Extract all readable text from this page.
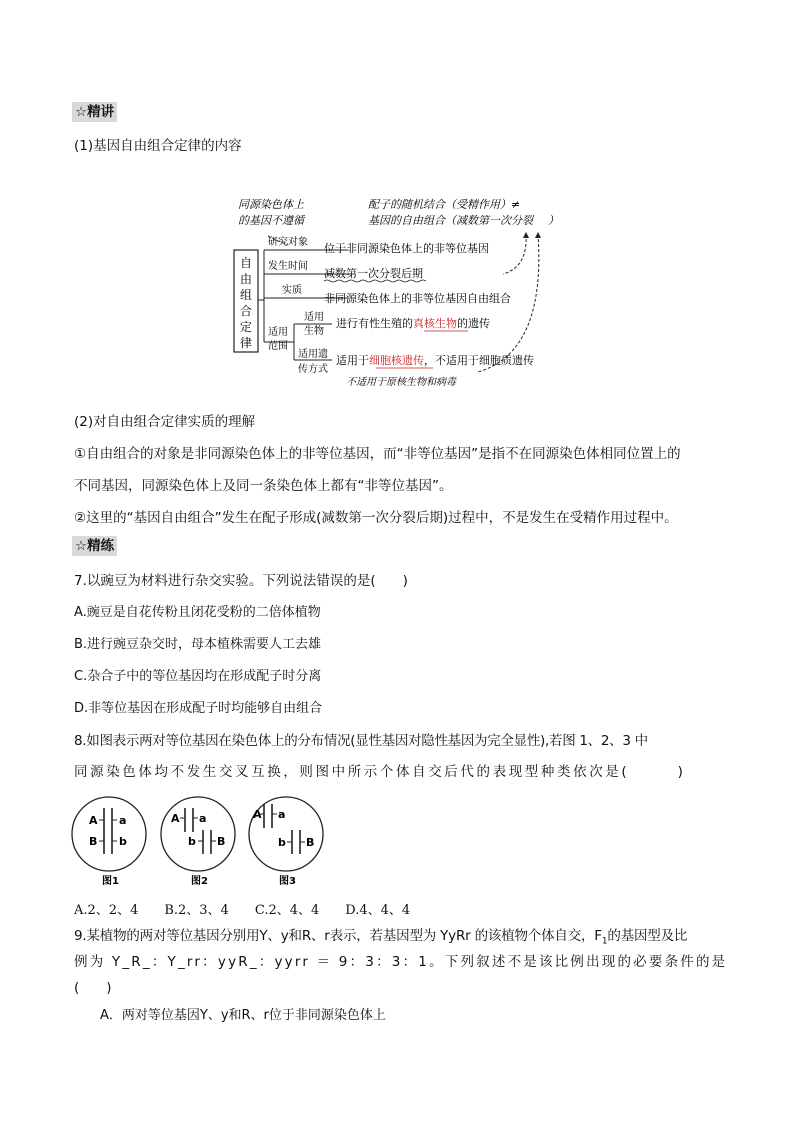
☆精讲
(1)基因自由组合定律的内容
同源染色体上
的基因不遵循
配子的随机结合（受精作用）≠
基因的自由组合（减数第一次分裂 ）
自
由
组
合
定
律
研究对象
发生时间
实质
适用
范围
位于非同源染色体上的非等位基因
减数第一次分裂后期
非同源染色体上的非等位基因自由组合
适用
生物
适用遗
传方式
进行有性生殖的真核生物的遗传
适用于细胞核遗传，不适用于细胞质遗传
不适用于原核生物和病毒
(2)对自由组合定律实质的理解
①自由组合的对象是非同源染色体上的非等位基因，而“非等位基因”是指不在同源染色体相同位置上的
不同基因，同源染色体上及同一条染色体上都有“非等位基因”。
②这里的“基因自由组合”发生在配子形成(减数第一次分裂后期)过程中，不是发生在受精作用过程中。
☆精练
7.以豌豆为材料进行杂交实验。下列说法错误的是(　　)
A.豌豆是自花传粉且闭花受粉的二倍体植物
B.进行豌豆杂交时，母本植株需要人工去雄
C.杂合子中的等位基因均在形成配子时分离
D.非等位基因在形成配子时均能够自由组合
8.如图表示两对等位基因在染色体上的分布情况(显性基因对隐性基因为完全显性),若图 1、2、3 中
同源染色体均不发生交叉互换，则图中所示个体自交后代的表现型种类依次是(　　　)
A a
B b
图1
A a
b B
图2
A a
b B
图3
A.2、2、4　　B.2、3、4　　C.2、4、4　　D.4、4、4
9.某植物的两对等位基因分别用Y、y和R、r表示，若基因型为 YyRr 的该植物个体自交，$F_1$的基因型及比
例为 Y_R_：Y_rr：yyR_：yyrr ＝ 9：3：3：1。下列叙述不是该比例出现的必要条件的是
(　　)
A．两对等位基因Y、y和R、r位于非同源染色体上
